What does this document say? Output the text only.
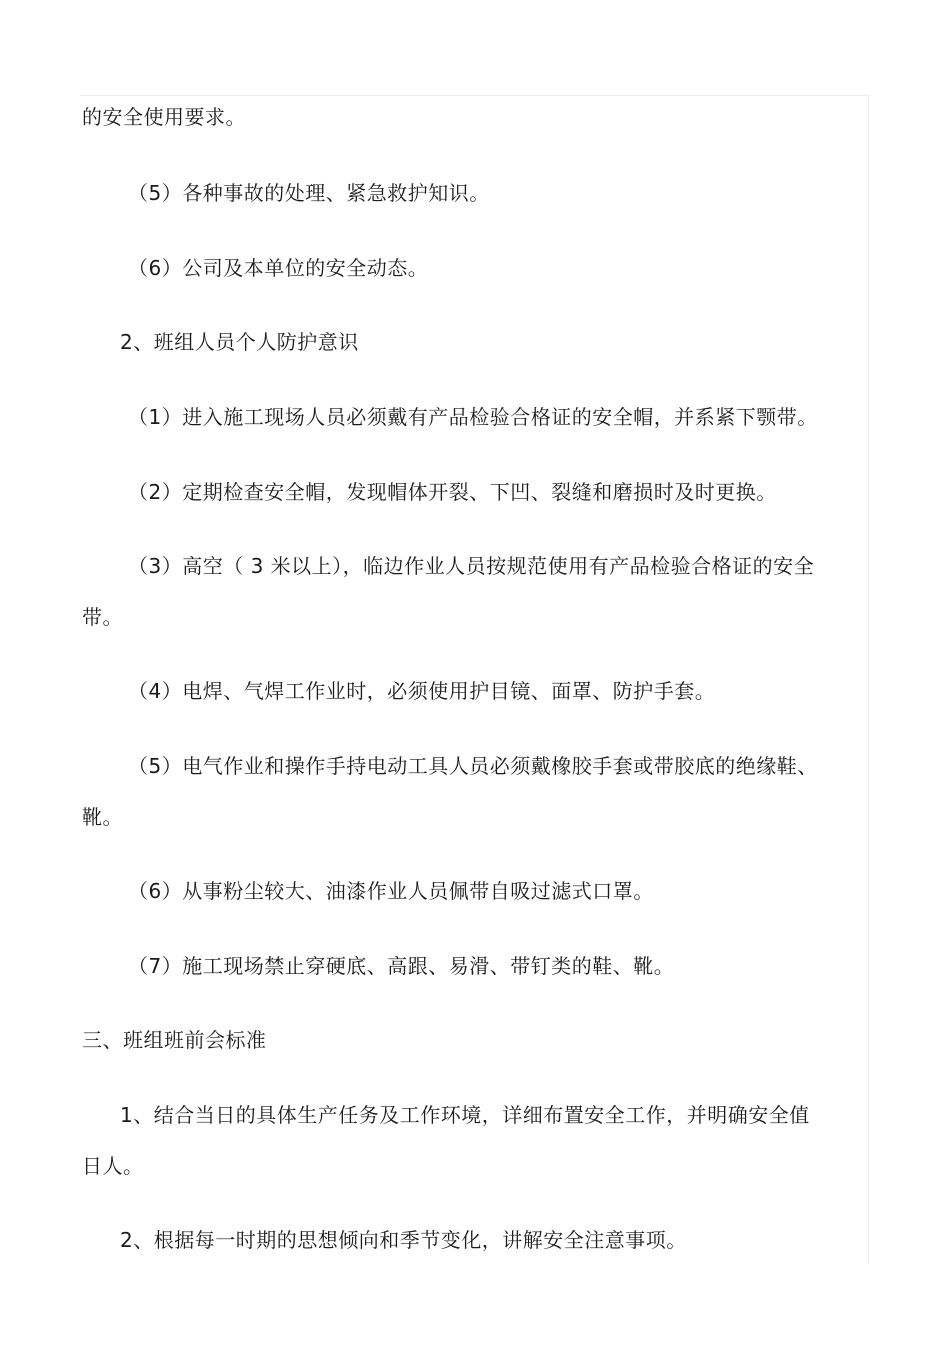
的安全使用要求。
（5）各种事故的处理、紧急救护知识。
（6）公司及本单位的安全动态。
2、班组人员个人防护意识
（1）进入施工现场人员必须戴有产品检验合格证的安全帽，并系紧下颚带。
（2）定期检查安全帽，发现帽体开裂、下凹、裂缝和磨损时及时更换。
（3）高空（ 3 米以上），临边作业人员按规范使用有产品检验合格证的安全
带。
（4）电焊、气焊工作业时，必须使用护目镜、面罩、防护手套。
（5）电气作业和操作手持电动工具人员必须戴橡胶手套或带胶底的绝缘鞋、
靴。
（6）从事粉尘较大、油漆作业人员佩带自吸过滤式口罩。
（7）施工现场禁止穿硬底、高跟、易滑、带钉类的鞋、靴。
三、班组班前会标准
1、结合当日的具体生产任务及工作环境，详细布置安全工作，并明确安全值
日人。
2、根据每一时期的思想倾向和季节变化，讲解安全注意事项。
